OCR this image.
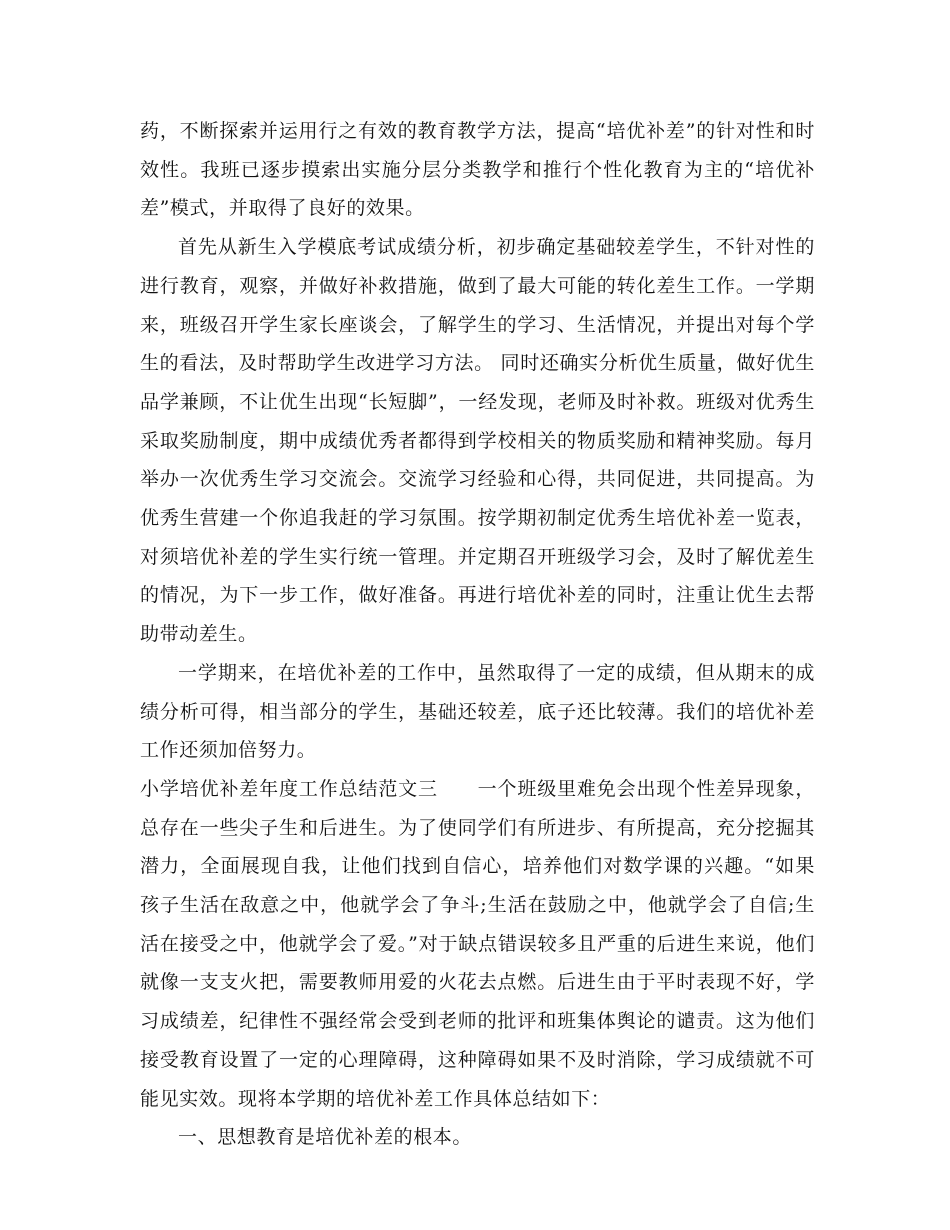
药，不断探索并运用行之有效的教育教学方法，提高“培优补差”的针对性和时效性。我班已逐步摸索出实施分层分类教学和推行个性化教育为主的“培优补差”模式，并取得了良好的效果。

首先从新生入学模底考试成绩分析，初步确定基础较差学生，不针对性的进行教育，观察，并做好补救措施，做到了最大可能的转化差生工作。一学期来，班级召开学生家长座谈会，了解学生的学习、生活情况，并提出对每个学生的看法，及时帮助学生改进学习方法。 同时还确实分析优生质量，做好优生品学兼顾，不让优生出现“长短脚”，一经发现，老师及时补救。班级对优秀生采取奖励制度，期中成绩优秀者都得到学校相关的物质奖励和精神奖励。每月举办一次优秀生学习交流会。交流学习经验和心得，共同促进，共同提高。为优秀生营建一个你追我赶的学习氛围。按学期初制定优秀生培优补差一览表，对须培优补差的学生实行统一管理。并定期召开班级学习会，及时了解优差生的情况，为下一步工作，做好准备。再进行培优补差的同时，注重让优生去帮助带动差生。

一学期来，在培优补差的工作中，虽然取得了一定的成绩，但从期末的成绩分析可得，相当部分的学生，基础还较差，底子还比较薄。我们的培优补差工作还须加倍努力。

小学培优补差年度工作总结范文三　　一个班级里难免会出现个性差异现象，总存在一些尖子生和后进生。为了使同学们有所进步、有所提高，充分挖掘其潜力，全面展现自我，让他们找到自信心，培养他们对数学课的兴趣。“如果孩子生活在敌意之中，他就学会了争斗;生活在鼓励之中，他就学会了自信;生活在接受之中，他就学会了爱。”对于缺点错误较多且严重的后进生来说，他们就像一支支火把，需要教师用爱的火花去点燃。后进生由于平时表现不好，学习成绩差，纪律性不强经常会受到老师的批评和班集体舆论的谴责。这为他们接受教育设置了一定的心理障碍，这种障碍如果不及时消除，学习成绩就不可能见实效。现将本学期的培优补差工作具体总结如下：

一、思想教育是培优补差的根本。
